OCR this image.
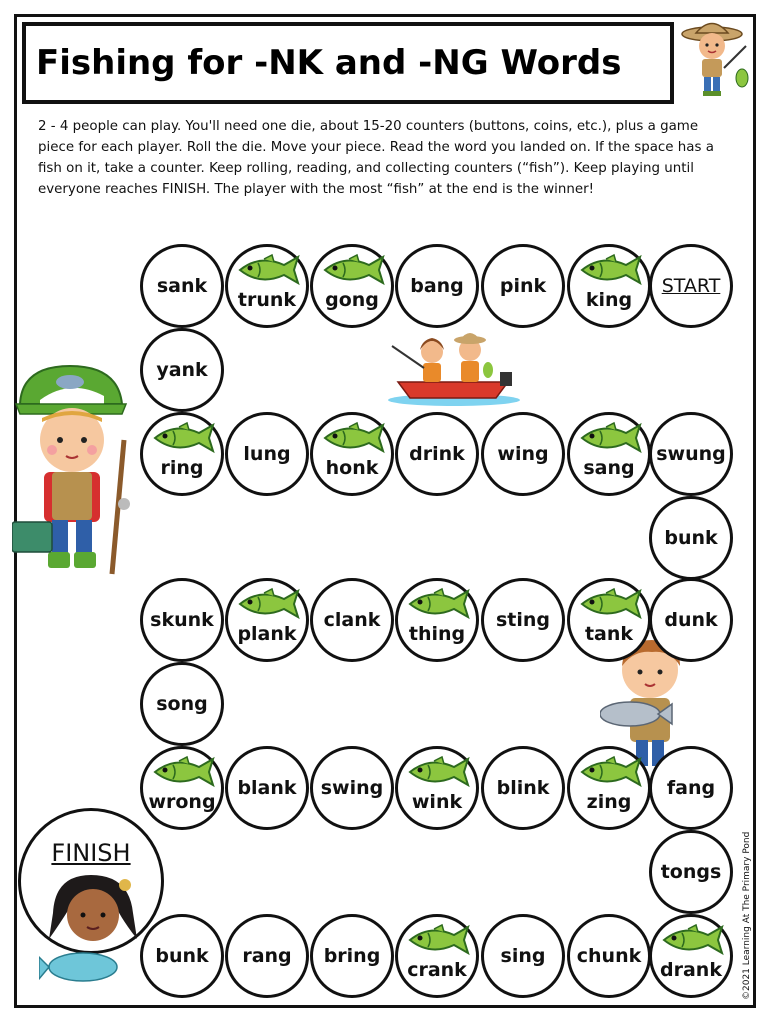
Fishing for -NK and -NG Words

2 - 4 people can play. You'll need one die, about 15-20 counters (buttons, coins, etc.), plus a game piece for each player. Roll the die. Move your piece. Read the word you landed on. If the space has a fish on it, take a counter. Keep rolling, reading, and collecting counters (“fish”). Keep playing until everyone reaches FINISH. The player with the most “fish” at the end is the winner!

FINISH
sank
trunk gong
bang pink
king
START
yank
ring
lung
honk
drink wing
sang
swung
bunk
skunk
plank
clank
thing
sting
tank
dunk
song
wrong
blank swing
wink
blink
zing
fang
tongs
bunk rang bring
crank
sing chunk
drank ©2021 Learning At The Primary Pond
